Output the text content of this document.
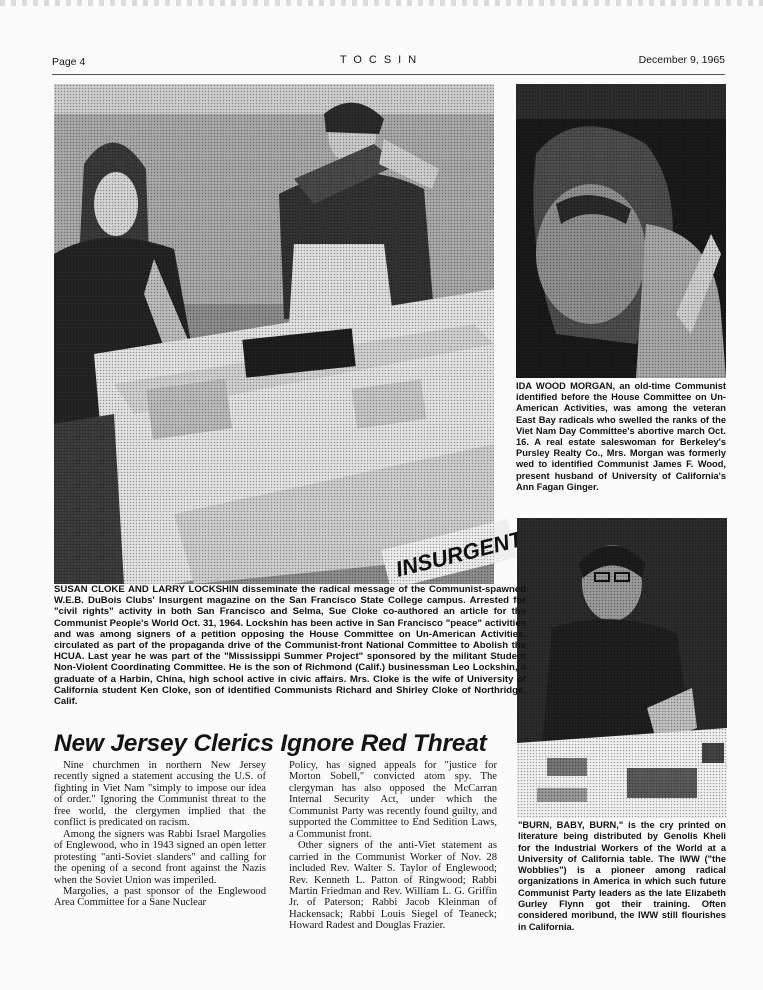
Page 4	TOCSIN	December 9, 1965

SUSAN CLOKE AND LARRY LOCKSHIN disseminate the radical message of the Communist-spawned W.E.B. DuBois Clubs' Insurgent magazine on the San Francisco State College campus. Arrested for "civil rights" activity in both San Francisco and Selma, Sue Cloke co-authored an article for the Communist People's World Oct. 31, 1964. Lockshin has been active in San Francisco "peace" activities and was among signers of a petition opposing the House Committee on Un-American Activities, circulated as part of the propaganda drive of the Communist-front National Committee to Abolish the HCUA. Last year he was part of the "Mississippi Summer Project" sponsored by the militant Student Non-Violent Coordinating Committee. He is the son of Richmond (Calif.) businessman Leo Lockshin, a graduate of a Harbin, China, high school active in civic affairs. Mrs. Cloke is the wife of University of California student Ken Cloke, son of identified Communists Richard and Shirley Cloke of Northridge, Calif.

IDA WOOD MORGAN, an old-time Communist identified before the House Committee on Un-American Activities, was among the veteran East Bay radicals who swelled the ranks of the Viet Nam Day Committee's abortive march Oct. 16. A real estate saleswoman for Berkeley's Pursley Realty Co., Mrs. Morgan was formerly wed to identified Communist James F. Wood, present husband of University of California's Ann Fagan Ginger.

"BURN, BABY, BURN," is the cry printed on literature being distributed by Genolis Kheli for the Industrial Workers of the World at a University of California table. The IWW ("the Wobblies") is a pioneer among radical organizations in America in which such future Communist Party leaders as the late Elizabeth Gurley Flynn got their training. Often considered moribund, the IWW still flourishes in California.

New Jersey Clerics Ignore Red Threat

Nine churchmen in northern New Jersey recently signed a statement accusing the U.S. of fighting in Viet Nam "simply to impose our idea of order." Ignoring the Communist threat to the free world, the clergymen implied that the conflict is predicated on racism.

Among the signers was Rabbi Israel Margolies of Englewood, who in 1943 signed an open letter protesting "anti-Soviet slanders" and calling for the opening of a second front against the Nazis when the Soviet Union was imperiled.

Margolies, a past sponsor of the Englewood Area Committee for a Sane Nuclear

Policy, has signed appeals for "justice for Morton Sobell," convicted atom spy. The clergyman has also opposed the McCarran Internal Security Act, under which the Communist Party was recently found guilty, and supported the Committee to End Sedition Laws, a Communist front.

Other signers of the anti-Viet statement as carried in the Communist Worker of Nov. 28 included Rev. Walter S. Taylor of Englewood; Rev. Kenneth L. Patton of Ringwood; Rabbi Martin Friedman and Rev. William L. G. Griffin Jr. of Paterson; Rabbi Jacob Kleinman of Hackensack; Rabbi Louis Siegel of Teaneck; Howard Radest and Douglas Frazier.
